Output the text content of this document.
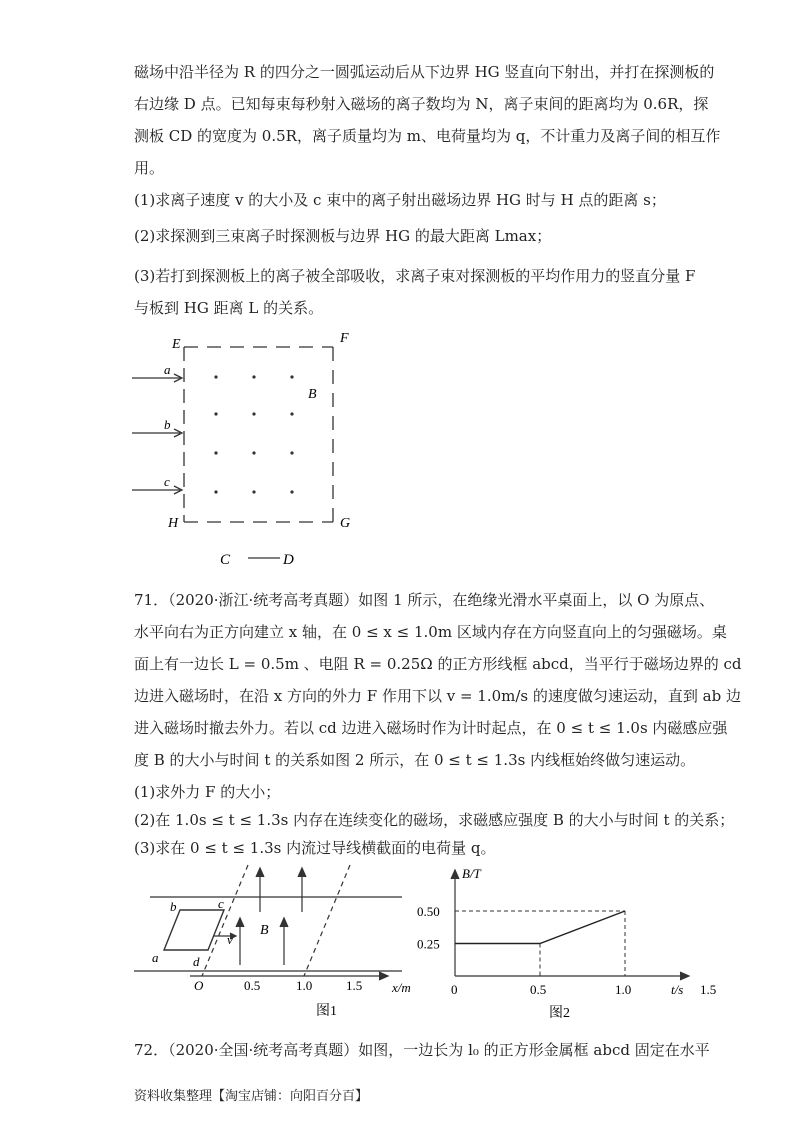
磁场中沿半径为 R 的四分之一圆弧运动后从下边界 HG 竖直向下射出，并打在探测板的
右边缘 D 点。已知每束每秒射入磁场的离子数均为 N，离子束间的距离均为 0.6R，探
测板 CD 的宽度为 0.5R，离子质量均为 m、电荷量均为 q，不计重力及离子间的相互作
用。
(1)求离子速度 v 的大小及 c 束中的离子射出磁场边界 HG 时与 H 点的距离 s；
(2)求探测到三束离子时探测板与边界 HG 的最大距离 Lmax；
(3)若打到探测板上的离子被全部吸收，求离子束对探测板的平均作用力的竖直分量 F
与板到 HG 距离 L 的关系。
E	F
H	G
B
a
b
c
C	D
71．（2020·浙江·统考高考真题）如图 1 所示，在绝缘光滑水平桌面上，以 O 为原点、
水平向右为正方向建立 x 轴，在 0 ≤ x ≤ 1.0m 区域内存在方向竖直向上的匀强磁场。桌
面上有一边长 L = 0.5m 、电阻 R = 0.25Ω 的正方形线框 abcd，当平行于磁场边界的 cd
边进入磁场时，在沿 x 方向的外力 F 作用下以 v = 1.0m/s 的速度做匀速运动，直到 ab 边
进入磁场时撤去外力。若以 cd 边进入磁场时作为计时起点，在 0 ≤ t ≤ 1.0s 内磁感应强
度 B 的大小与时间 t 的关系如图 2 所示，在 0 ≤ t ≤ 1.3s 内线框始终做匀速运动。
(1)求外力 F 的大小；
(2)在 1.0s ≤ t ≤ 1.3s 内存在连续变化的磁场，求磁感应强度 B 的大小与时间 t 的关系；
(3)求在 0 ≤ t ≤ 1.3s 内流过导线横截面的电荷量 q。
b	c
a	d
v
B
O	0.5	1.0	1.5 x/m
图1
B/T
t/s
图2
0	0.5	1.0	1.5
0.25
0.50
72．（2020·全国·统考高考真题）如图，一边长为 l₀ 的正方形金属框 abcd 固定在水平
资料收集整理【淘宝店铺：向阳百分百】
